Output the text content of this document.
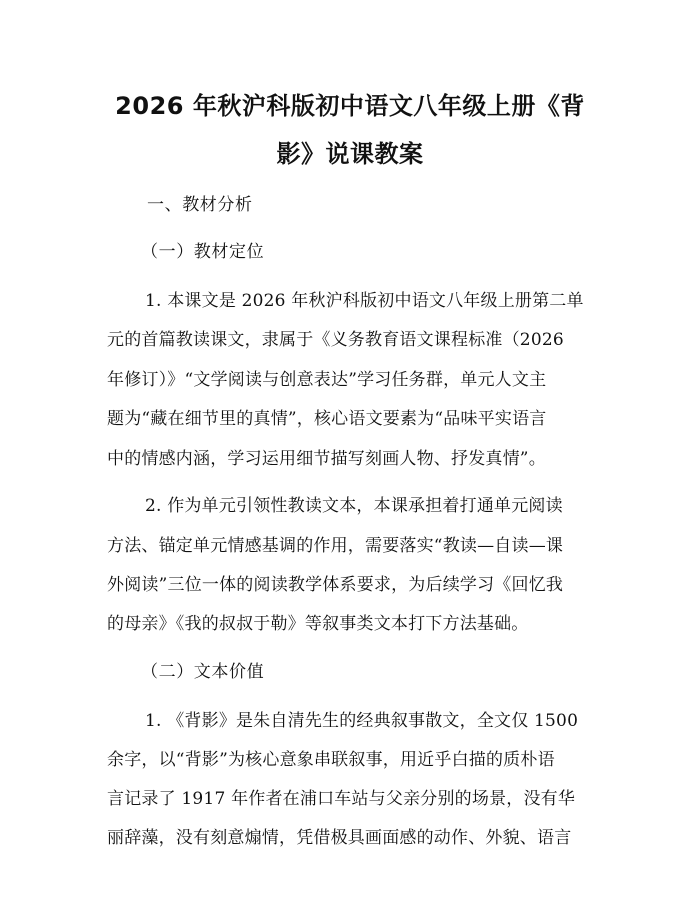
2026 年秋沪科版初中语文八年级上册《背
影》说课教案
一、教材分析
（一）教材定位
1. 本课文是 2026 年秋沪科版初中语文八年级上册第二单
元的首篇教读课文，隶属于《义务教育语文课程标准（2026
年修订）》“文学阅读与创意表达”学习任务群，单元人文主
题为“藏在细节里的真情”，核心语文要素为“品味平实语言
中的情感内涵，学习运用细节描写刻画人物、抒发真情”。
2. 作为单元引领性教读文本，本课承担着打通单元阅读
方法、锚定单元情感基调的作用，需要落实“教读—自读—课
外阅读”三位一体的阅读教学体系要求，为后续学习《回忆我
的母亲》《我的叔叔于勒》等叙事类文本打下方法基础。
（二）文本价值
1. 《背影》是朱自清先生的经典叙事散文，全文仅 1500
余字，以“背影”为核心意象串联叙事，用近乎白描的质朴语
言记录了 1917 年作者在浦口车站与父亲分别的场景，没有华
丽辞藻，没有刻意煽情，凭借极具画面感的动作、外貌、语言
